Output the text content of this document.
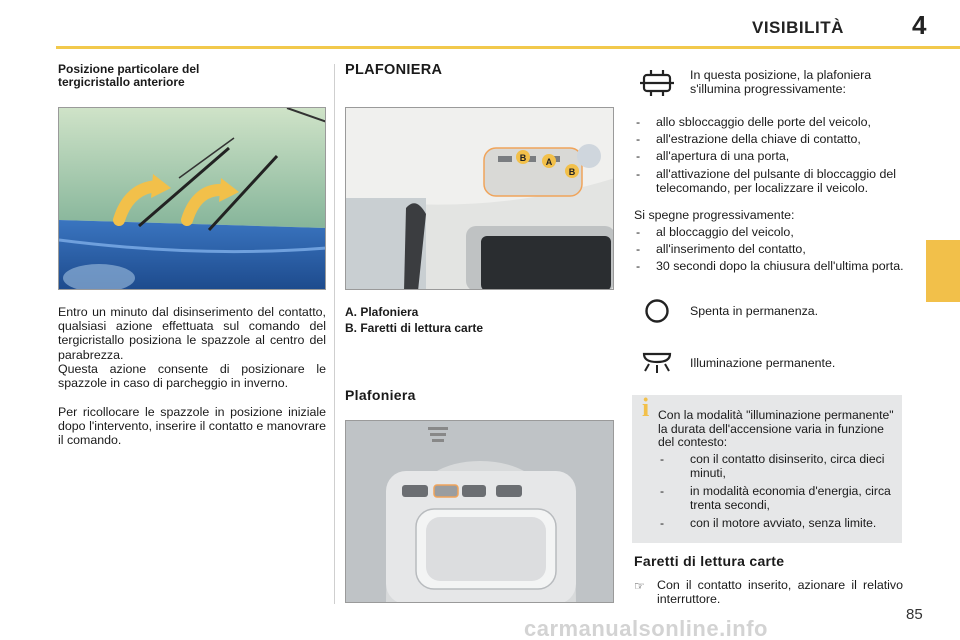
VISIBILITÀ	4
Posizione particolare del tergicristallo anteriore
Entro un minuto dal disinserimento del contatto, qualsiasi azione effettuata sul comando del tergicristallo posiziona le spazzole al centro del parabrezza.
Questa azione consente di posizionare le spazzole in caso di parcheggio in inverno.
Per ricollocare le spazzole in posizione iniziale dopo l'intervento, inserire il contatto e manovrare il comando.
PLAFONIERA
B A
B
A. Plafoniera
B. Faretti di lettura carte
Plafoniera
In questa posizione, la plafoniera s'illumina progressivamente:
- allo sbloccaggio delle porte del veicolo,
- all'estrazione della chiave di contatto,
- all'apertura di una porta,
- all'attivazione del pulsante di bloccaggio del telecomando, per localizzare il veicolo.
Si spegne progressivamente:
- al bloccaggio del veicolo,
- all'inserimento del contatto,
- 30 secondi dopo la chiusura dell'ultima porta.
Spenta in permanenza.
Illuminazione permanente.
i Con la modalità "illuminazione permanente" la durata dell'accensione varia in funzione del contesto:
- con il contatto disinserito, circa dieci minuti,
- in modalità economia d'energia, circa trenta secondi,
- con il motore avviato, senza limite.
Faretti di lettura carte
☞ Con il contatto inserito, azionare il relativo interruttore.
85
carmanualsonline.info
